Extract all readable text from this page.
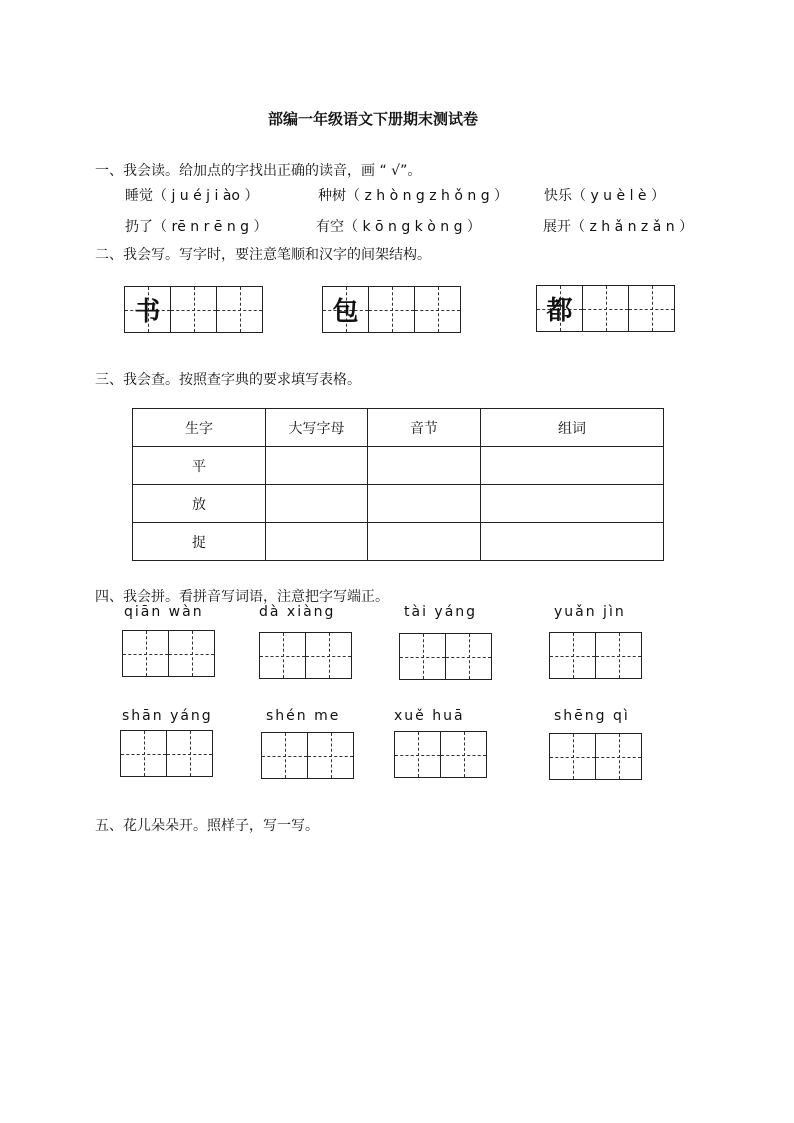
部编一年级语文下册期末测试卷
一、我会读。给加点的字找出正确的读音，画 “ √”。
睡觉（ j u é j i ào ）	种树（ z h ò n g z h ǒ n g ）	快乐（ y u è l è ）
扔了（ rē n r ē n g ）	有空（ k ō n g k ò n g ）	展开（ z h ǎ n z ǎ n ）
二、我会写。写字时，要注意笔顺和汉字的间架结构。
书	包	都
三、我会查。按照查字典的要求填写表格。
生字	大写字母	音节	组词
平			
放			
捉			
四、我会拼。看拼音写词语，注意把字写端正。
qiān wàn	dà xiàng	tài yáng	yuǎn jìn
shān yáng	shén me	xuě huā	shēng qì
五、花儿朵朵开。照样子，写一写。
